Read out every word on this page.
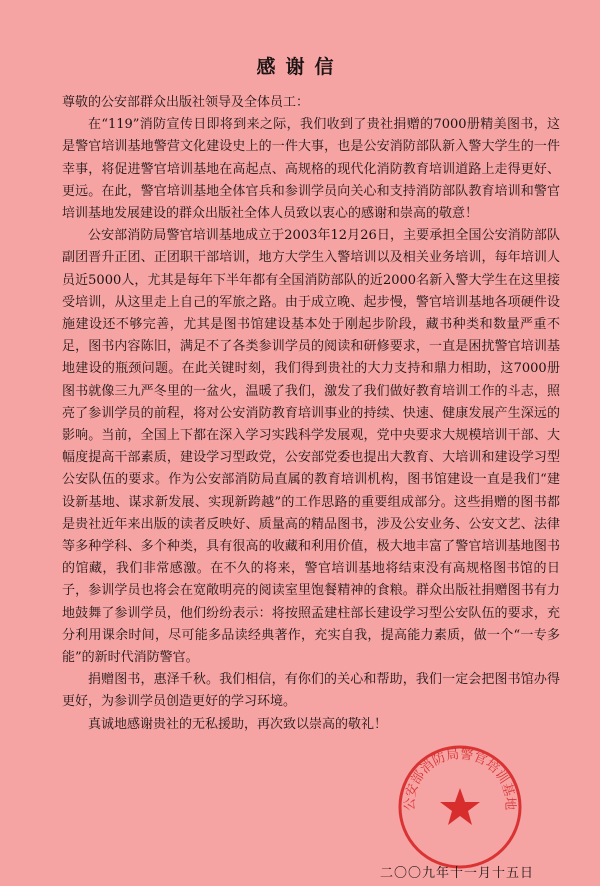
感谢信

尊敬的公安部群众出版社领导及全体员工：

在“119”消防宣传日即将到来之际，我们收到了贵社捐赠的7000册精美图书，这是警官培训基地警营文化建设史上的一件大事，也是公安消防部队新入警大学生的一件幸事，将促进警官培训基地在高起点、高规格的现代化消防教育培训道路上走得更好、更远。在此，警官培训基地全体官兵和参训学员向关心和支持消防部队教育培训和警官培训基地发展建设的群众出版社全体人员致以衷心的感谢和崇高的敬意！

公安部消防局警官培训基地成立于2003年12月26日，主要承担全国公安消防部队副团晋升正团、正团职干部培训，地方大学生入警培训以及相关业务培训，每年培训人员近5000人，尤其是每年下半年都有全国消防部队的近2000名新入警大学生在这里接受培训，从这里走上自己的军旅之路。由于成立晚、起步慢，警官培训基地各项硬件设施建设还不够完善，尤其是图书馆建设基本处于刚起步阶段，藏书种类和数量严重不足，图书内容陈旧，满足不了各类参训学员的阅读和研修要求，一直是困扰警官培训基地建设的瓶颈问题。在此关键时刻，我们得到贵社的大力支持和鼎力相助，这7000册图书就像三九严冬里的一盆火，温暖了我们，激发了我们做好教育培训工作的斗志，照亮了参训学员的前程，将对公安消防教育培训事业的持续、快速、健康发展产生深远的影响。当前，全国上下都在深入学习实践科学发展观，党中央要求大规模培训干部、大幅度提高干部素质，建设学习型政党，公安部党委也提出大教育、大培训和建设学习型公安队伍的要求。作为公安部消防局直属的教育培训机构，图书馆建设一直是我们“建设新基地、谋求新发展、实现新跨越”的工作思路的重要组成部分。这些捐赠的图书都是贵社近年来出版的读者反映好、质量高的精品图书，涉及公安业务、公安文艺、法律等多种学科、多个种类，具有很高的收藏和利用价值，极大地丰富了警官培训基地图书的馆藏，我们非常感激。在不久的将来，警官培训基地将结束没有高规格图书馆的日子，参训学员也将会在宽敞明亮的阅读室里饱餐精神的食粮。群众出版社捐赠图书有力地鼓舞了参训学员，他们纷纷表示：将按照孟建柱部长建设学习型公安队伍的要求，充分利用课余时间，尽可能多品读经典著作，充实自我，提高能力素质，做一个“一专多能”的新时代消防警官。

捐赠图书，惠泽千秋。我们相信，有你们的关心和帮助，我们一定会把图书馆办得更好，为参训学员创造更好的学习环境。

真诚地感谢贵社的无私援助，再次致以崇高的敬礼！

公安部消防局警官培训基地
二〇〇九年十一月十五日
